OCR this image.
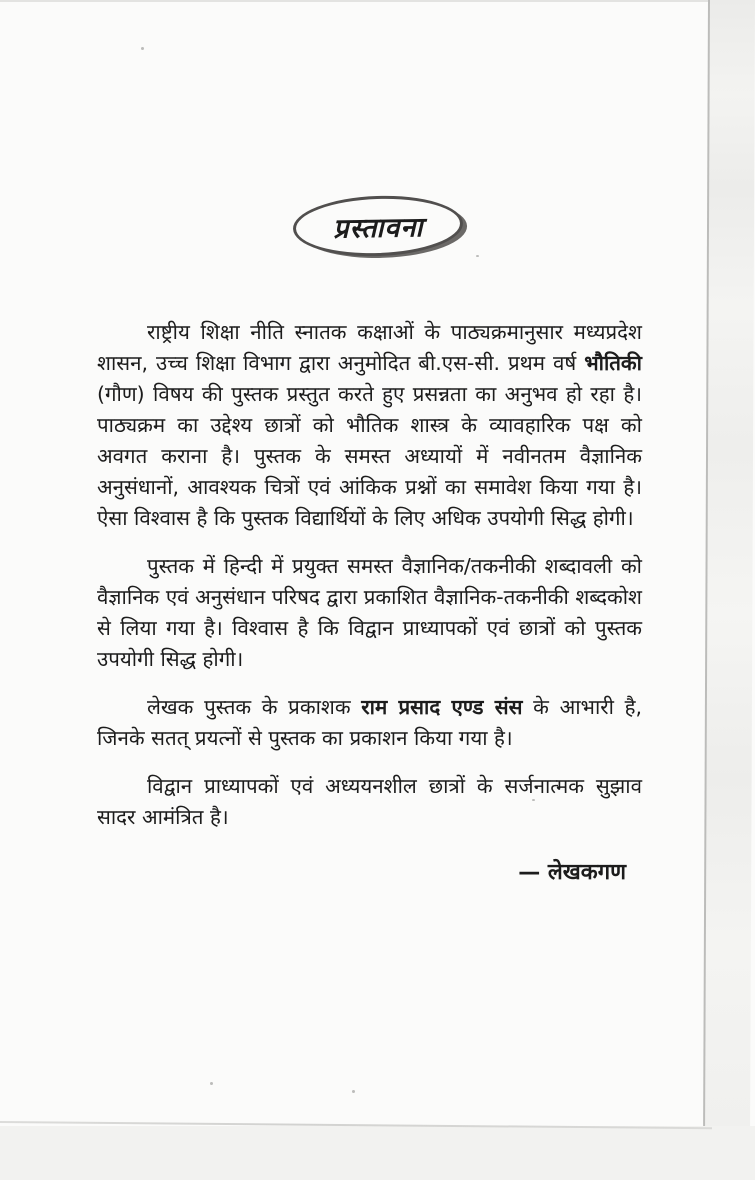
प्रस्तावना

राष्ट्रीय शिक्षा नीति स्नातक कक्षाओं के पाठ्यक्रमानुसार मध्यप्रदेश शासन, उच्च शिक्षा विभाग द्वारा अनुमोदित बी.एस-सी. प्रथम वर्ष भौतिकी (गौण) विषय की पुस्तक प्रस्तुत करते हुए प्रसन्नता का अनुभव हो रहा है। पाठ्यक्रम का उद्देश्य छात्रों को भौतिक शास्त्र के व्यावहारिक पक्ष को अवगत कराना है। पुस्तक के समस्त अध्यायों में नवीनतम वैज्ञानिक अनुसंधानों, आवश्यक चित्रों एवं आंकिक प्रश्नों का समावेश किया गया है। ऐसा विश्वास है कि पुस्तक विद्यार्थियों के लिए अधिक उपयोगी सिद्ध होगी।

पुस्तक में हिन्दी में प्रयुक्त समस्त वैज्ञानिक/तकनीकी शब्दावली को वैज्ञानिक एवं अनुसंधान परिषद द्वारा प्रकाशित वैज्ञानिक-तकनीकी शब्दकोश से लिया गया है। विश्वास है कि विद्वान प्राध्यापकों एवं छात्रों को पुस्तक उपयोगी सिद्ध होगी।

लेखक पुस्तक के प्रकाशक राम प्रसाद एण्ड संस के आभारी है, जिनके सतत् प्रयत्नों से पुस्तक का प्रकाशन किया गया है।

विद्वान प्राध्यापकों एवं अध्ययनशील छात्रों के सर्जनात्मक सुझाव सादर आमंत्रित है।

— लेखकगण
